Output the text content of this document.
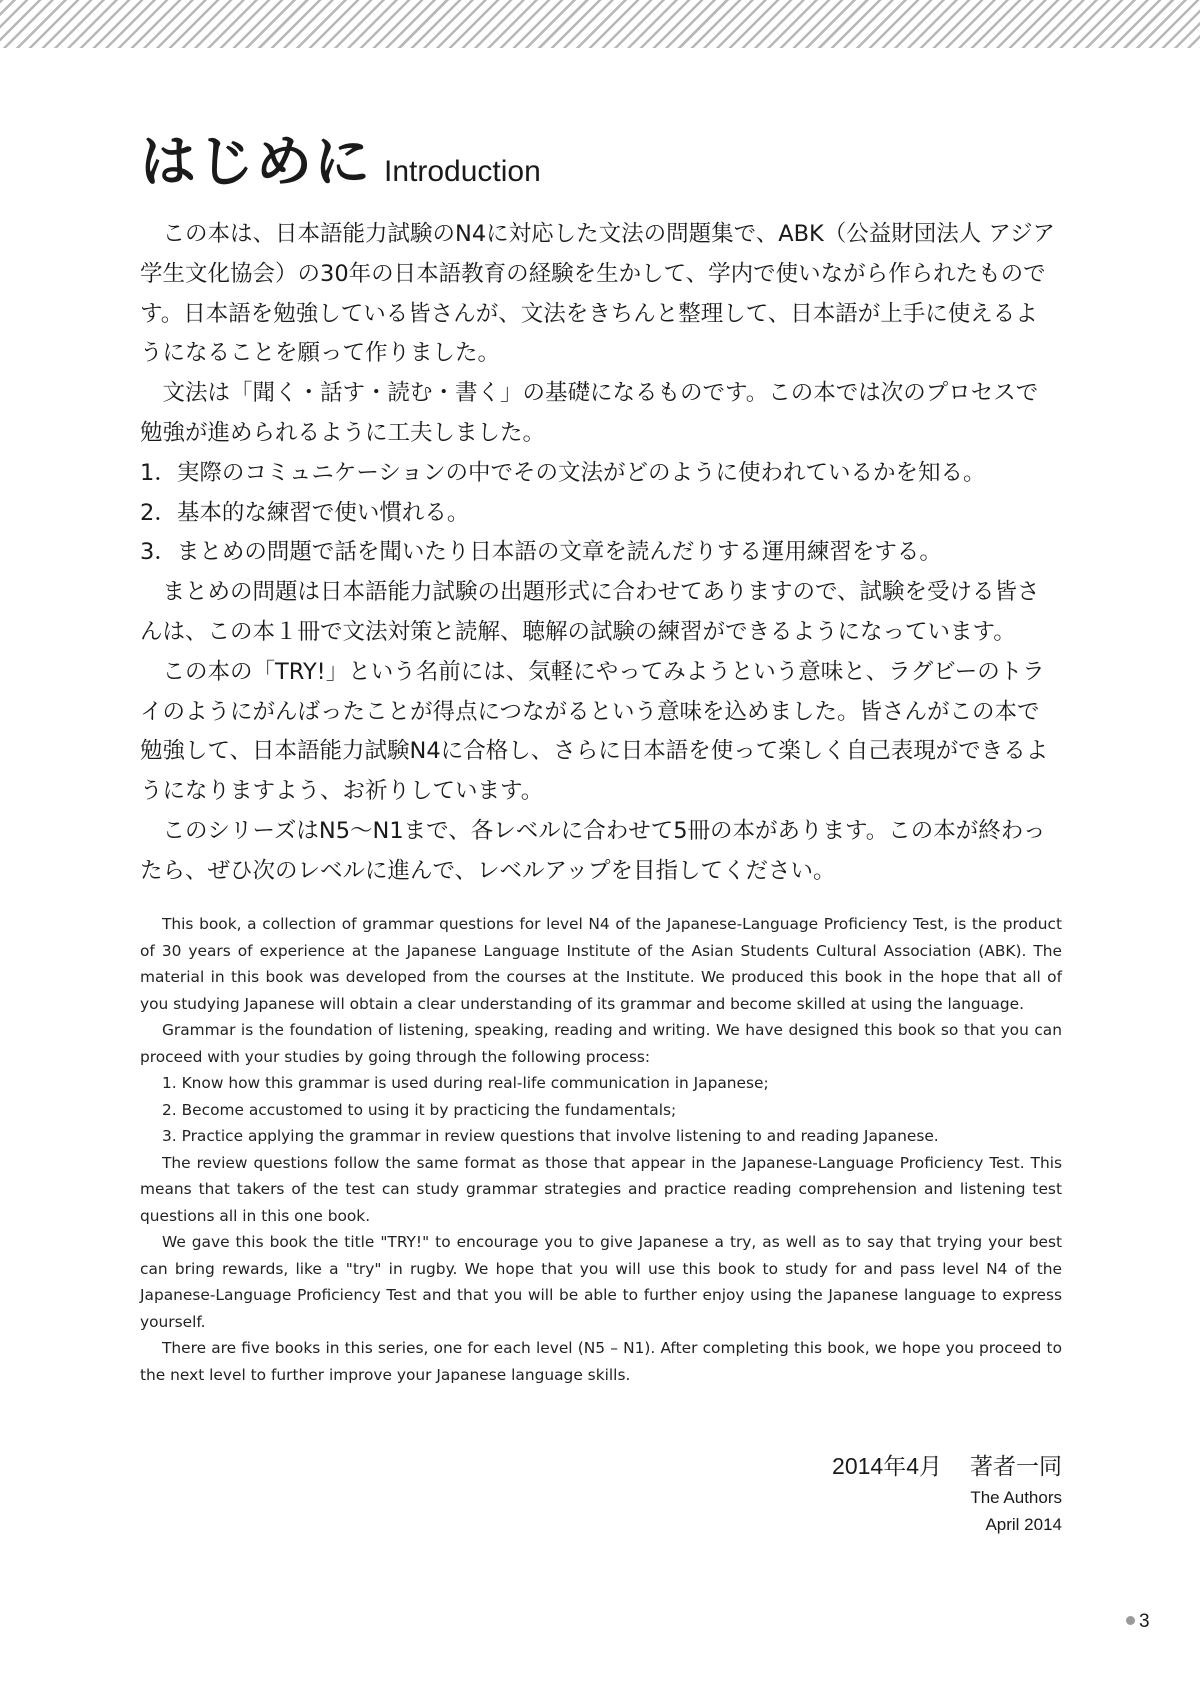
はじめに Introduction

この本は、日本語能力試験のN4に対応した文法の問題集で、ABK（公益財団法人 アジア学生文化協会）の30年の日本語教育の経験を生かして、学内で使いながら作られたものです。日本語を勉強している皆さんが、文法をきちんと整理して、日本語が上手に使えるようになることを願って作りました。

文法は「聞く・話す・読む・書く」の基礎になるものです。この本では次のプロセスで勉強が進められるように工夫しました。

1．実際のコミュニケーションの中でその文法がどのように使われているかを知る。

2．基本的な練習で使い慣れる。

3．まとめの問題で話を聞いたり日本語の文章を読んだりする運用練習をする。

まとめの問題は日本語能力試験の出題形式に合わせてありますので、試験を受ける皆さんは、この本１冊で文法対策と読解、聴解の試験の練習ができるようになっています。

この本の「TRY!」という名前には、気軽にやってみようという意味と、ラグビーのトライのようにがんばったことが得点につながるという意味を込めました。皆さんがこの本で勉強して、日本語能力試験N4に合格し、さらに日本語を使って楽しく自己表現ができるようになりますよう、お祈りしています。

このシリーズはN5～N1まで、各レベルに合わせて5冊の本があります。この本が終わったら、ぜひ次のレベルに進んで、レベルアップを目指してください。

This book, a collection of grammar questions for level N4 of the Japanese-Language Proficiency Test, is the product of 30 years of experience at the Japanese Language Institute of the Asian Students Cultural Association (ABK). The material in this book was developed from the courses at the Institute. We produced this book in the hope that all of you studying Japanese will obtain a clear understanding of its grammar and become skilled at using the language.

Grammar is the foundation of listening, speaking, reading and writing. We have designed this book so that you can proceed with your studies by going through the following process:

1. Know how this grammar is used during real-life communication in Japanese;

2. Become accustomed to using it by practicing the fundamentals;

3. Practice applying the grammar in review questions that involve listening to and reading Japanese.

The review questions follow the same format as those that appear in the Japanese-Language Proficiency Test. This means that takers of the test can study grammar strategies and practice reading comprehension and listening test questions all in this one book.

We gave this book the title "TRY!" to encourage you to give Japanese a try, as well as to say that trying your best can bring rewards, like a "try" in rugby. We hope that you will use this book to study for and pass level N4 of the Japanese-Language Proficiency Test and that you will be able to further enjoy using the Japanese language to express yourself.

There are five books in this series, one for each level (N5 – N1). After completing this book, we hope you proceed to the next level to further improve your Japanese language skills.

2014年4月 著者一同

The Authors

April 2014

3
